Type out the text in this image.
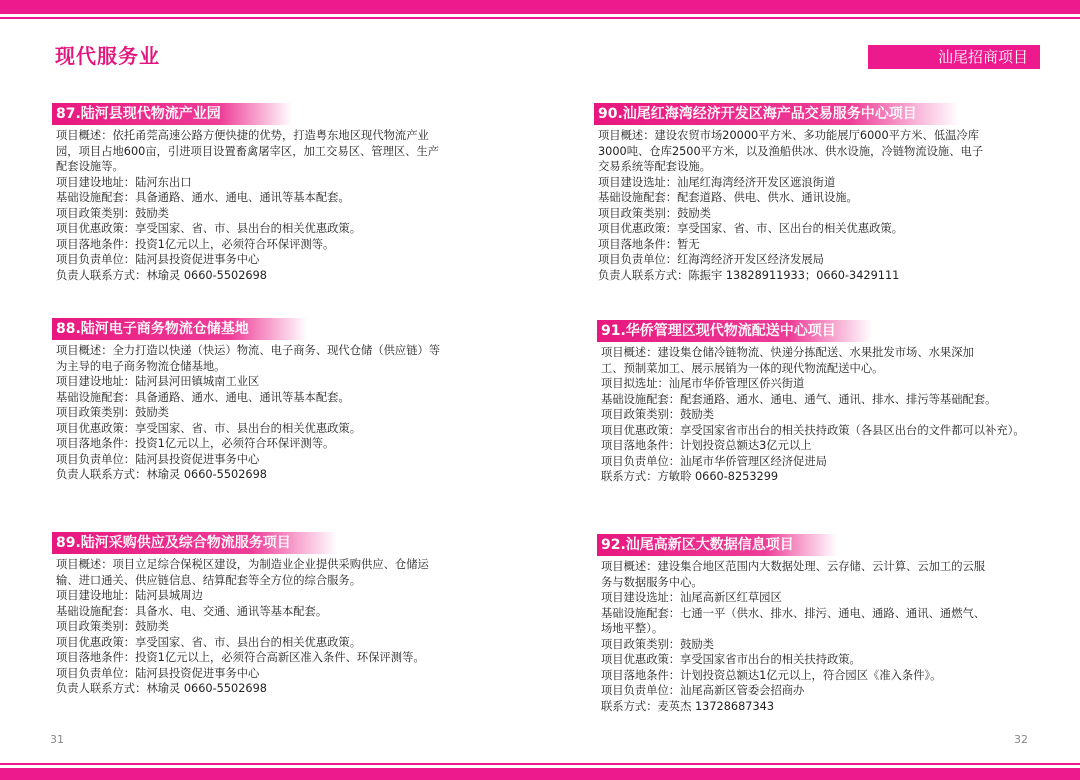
现代服务业	汕尾招商项目
87.陆河县现代物流产业园

项目概述：依托甬莞高速公路方便快捷的优势，打造粤东地区现代物流产业

园，项目占地600亩，引进项目设置畜禽屠宰区，加工交易区、管理区、生产

配套设施等。

项目建设地址：陆河东出口

基础设施配套：具备通路、通水、通电、通讯等基本配套。

项目政策类别：鼓励类

项目优惠政策：享受国家、省、市、县出台的相关优惠政策。

项目落地条件：投资1亿元以上，必须符合环保评测等。

项目负责单位：陆河县投资促进事务中心

负责人联系方式：林瑜灵 0660-5502698

88.陆河电子商务物流仓储基地

项目概述：全力打造以快递（快运）物流、电子商务、现代仓储（供应链）等

为主导的电子商务物流仓储基地。

项目建设地址：陆河县河田镇城南工业区

基础设施配套：具备通路、通水、通电、通讯等基本配套。

项目政策类别：鼓励类

项目优惠政策：享受国家、省、市、县出台的相关优惠政策。

项目落地条件：投资1亿元以上，必须符合环保评测等。

项目负责单位：陆河县投资促进事务中心

负责人联系方式：林瑜灵 0660-5502698

89.陆河采购供应及综合物流服务项目

项目概述：项目立足综合保税区建设，为制造业企业提供采购供应、仓储运

输、进口通关、供应链信息、结算配套等全方位的综合服务。

项目建设地址：陆河县城周边

基础设施配套：具备水、电、交通、通讯等基本配套。

项目政策类别：鼓励类

项目优惠政策：享受国家、省、市、县出台的相关优惠政策。

项目落地条件：投资1亿元以上，必须符合高新区准入条件、环保评测等。

项目负责单位：陆河县投资促进事务中心

负责人联系方式：林瑜灵 0660-5502698

90.汕尾红海湾经济开发区海产品交易服务中心项目

项目概述：建设农贸市场20000平方米、多功能展厅6000平方米、低温冷库

3000吨、仓库2500平方米，以及渔船供冰、供水设施，冷链物流设施、电子

交易系统等配套设施。

项目建设选址：汕尾红海湾经济开发区遮浪街道

基础设施配套：配套道路、供电、供水、通讯设施。

项目政策类别：鼓励类

项目优惠政策：享受国家、省、市、区出台的相关优惠政策。

项目落地条件：暂无

项目负责单位：红海湾经济开发区经济发展局

负责人联系方式：陈振宇 13828911933；0660-3429111

91.华侨管理区现代物流配送中心项目

项目概述：建设集仓储冷链物流、快递分拣配送、水果批发市场、水果深加

工、预制菜加工、展示展销为一体的现代物流配送中心。

项目拟选址：汕尾市华侨管理区侨兴街道

基础设施配套：配套通路、通水、通电、通气、通讯、排水、排污等基础配套。

项目政策类别：鼓励类

项目优惠政策：享受国家省市出台的相关扶持政策（各县区出台的文件都可以补充）。

项目落地条件：计划投资总额达3亿元以上

项目负责单位：汕尾市华侨管理区经济促进局

联系方式：方敏聆 0660-8253299

92.汕尾高新区大数据信息项目

项目概述：建设集合地区范围内大数据处理、云存储、云计算、云加工的云服

务与数据服务中心。

项目建设选址：汕尾高新区红草园区

基础设施配套：七通一平（供水、排水、排污、通电、通路、通讯、通燃气、

场地平整）。

项目政策类别：鼓励类

项目优惠政策：享受国家省市出台的相关扶持政策。

项目落地条件：计划投资总额达1亿元以上，符合园区《准入条件》。

项目负责单位：汕尾高新区管委会招商办

联系方式：麦英杰 13728687343

31	32
